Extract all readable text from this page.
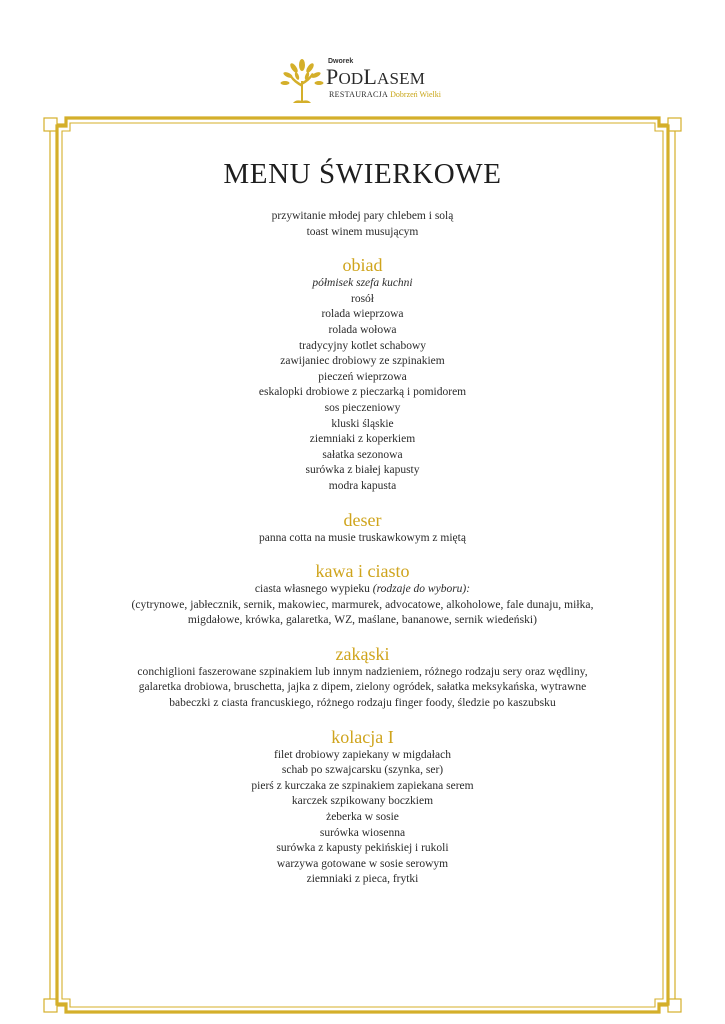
Dworek
PODLASEM
RESTAURACJA Dobrzeń Wielki
MENU ŚWIERKOWE
przywitanie młodej pary chlebem i solą
toast winem musującym
obiad
półmisek szefa kuchni
rosół
rolada wieprzowa
rolada wołowa
tradycyjny kotlet schabowy
zawijaniec drobiowy ze szpinakiem
pieczeń wieprzowa
eskalopki drobiowe z pieczarką i pomidorem
sos pieczeniowy
kluski śląskie
ziemniaki z koperkiem
sałatka sezonowa
surówka z białej kapusty
modra kapusta
deser
panna cotta na musie truskawkowym z miętą
kawa i ciasto
ciasta własnego wypieku (rodzaje do wyboru):
(cytrynowe, jabłecznik, sernik, makowiec, marmurek, advocatowe, alkoholowe, fale dunaju, miłka,
migdałowe, krówka, galaretka, WZ, maślane, bananowe, sernik wiedeński)
zakąski
conchiglioni faszerowane szpinakiem lub innym nadzieniem, różnego rodzaju sery oraz wędliny,
galaretka drobiowa, bruschetta, jajka z dipem, zielony ogródek, sałatka meksykańska, wytrawne
babeczki z ciasta francuskiego, różnego rodzaju finger foody, śledzie po kaszubsku
kolacja I
filet drobiowy zapiekany w migdałach
schab po szwajcarsku (szynka, ser)
pierś z kurczaka ze szpinakiem zapiekana serem
karczek szpikowany boczkiem
żeberka w sosie
surówka wiosenna
surówka z kapusty pekińskiej i rukoli
warzywa gotowane w sosie serowym
ziemniaki z pieca, frytki
